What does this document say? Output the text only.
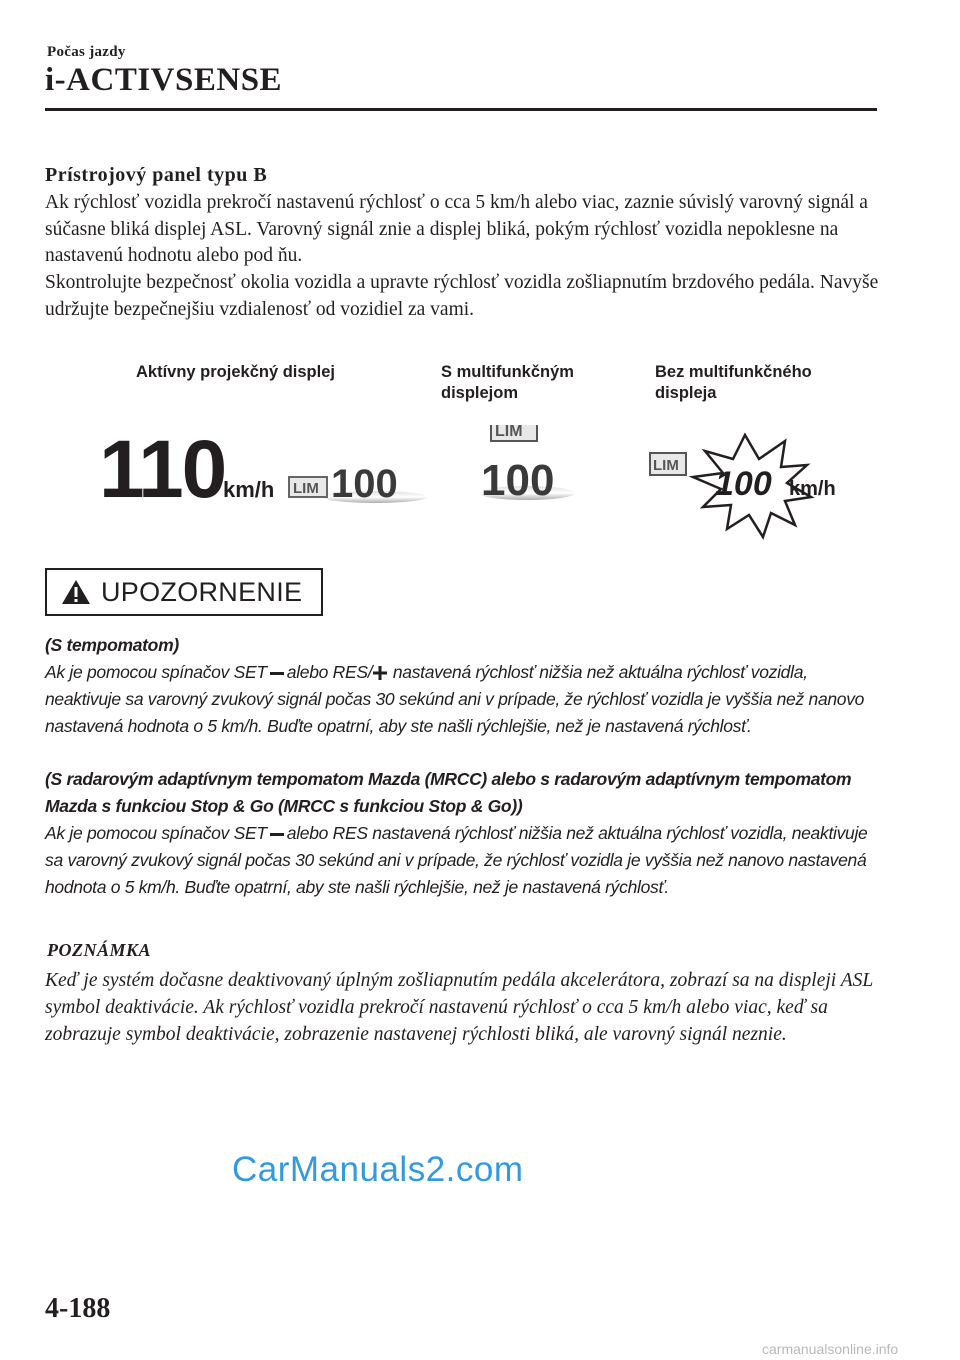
Počas jazdy
i-ACTIVSENSE
Prístrojový panel typu B
Ak rýchlosť vozidla prekročí nastavenú rýchlosť o cca 5 km/h alebo viac, zaznie súvislý varovný signál a súčasne bliká displej ASL. Varovný signál znie a displej bliká, pokým rýchlosť vozidla nepoklesne na nastavenú hodnotu alebo pod ňu.
Skontrolujte bezpečnosť okolia vozidla a upravte rýchlosť vozidla zošliapnutím brzdového pedála. Navyše udržujte bezpečnejšiu vzdialenosť od vozidiel za vami.
Aktívny projekčný displej	S multifunkčným displejom
Bez multifunkčného displeja
110
km/h LIM 100
LIM
100	LIM 100 km/h
UPOZORNENIE
(S tempomatom)
Ak je pomocou spínačov SET alebo RES/ nastavená rýchlosť nižšia než aktuálna rýchlosť vozidla, neaktivuje sa varovný zvukový signál počas 30 sekúnd ani v prípade, že rýchlosť vozidla je vyššia než nanovo nastavená hodnota o 5 km/h. Buďte opatrní, aby ste našli rýchlejšie, než je nastavená rýchlosť.
(S radarovým adaptívnym tempomatom Mazda (MRCC) alebo s radarovým adaptívnym tempomatom Mazda s funkciou Stop & Go (MRCC s funkciou Stop & Go))
Ak je pomocou spínačov SET alebo RES nastavená rýchlosť nižšia než aktuálna rýchlosť vozidla, neaktivuje sa varovný zvukový signál počas 30 sekúnd ani v prípade, že rýchlosť vozidla je vyššia než nanovo nastavená hodnota o 5 km/h. Buďte opatrní, aby ste našli rýchlejšie, než je nastavená rýchlosť.
POZNÁMKA
Keď je systém dočasne deaktivovaný úplným zošliapnutím pedála akcelerátora, zobrazí sa na displeji ASL symbol deaktivácie. Ak rýchlosť vozidla prekročí nastavenú rýchlosť o cca 5 km/h alebo viac, keď sa zobrazuje symbol deaktivácie, zobrazenie nastavenej rýchlosti bliká, ale varovný signál neznie.
CarManuals2.com
4-188
carmanualsonline.info
